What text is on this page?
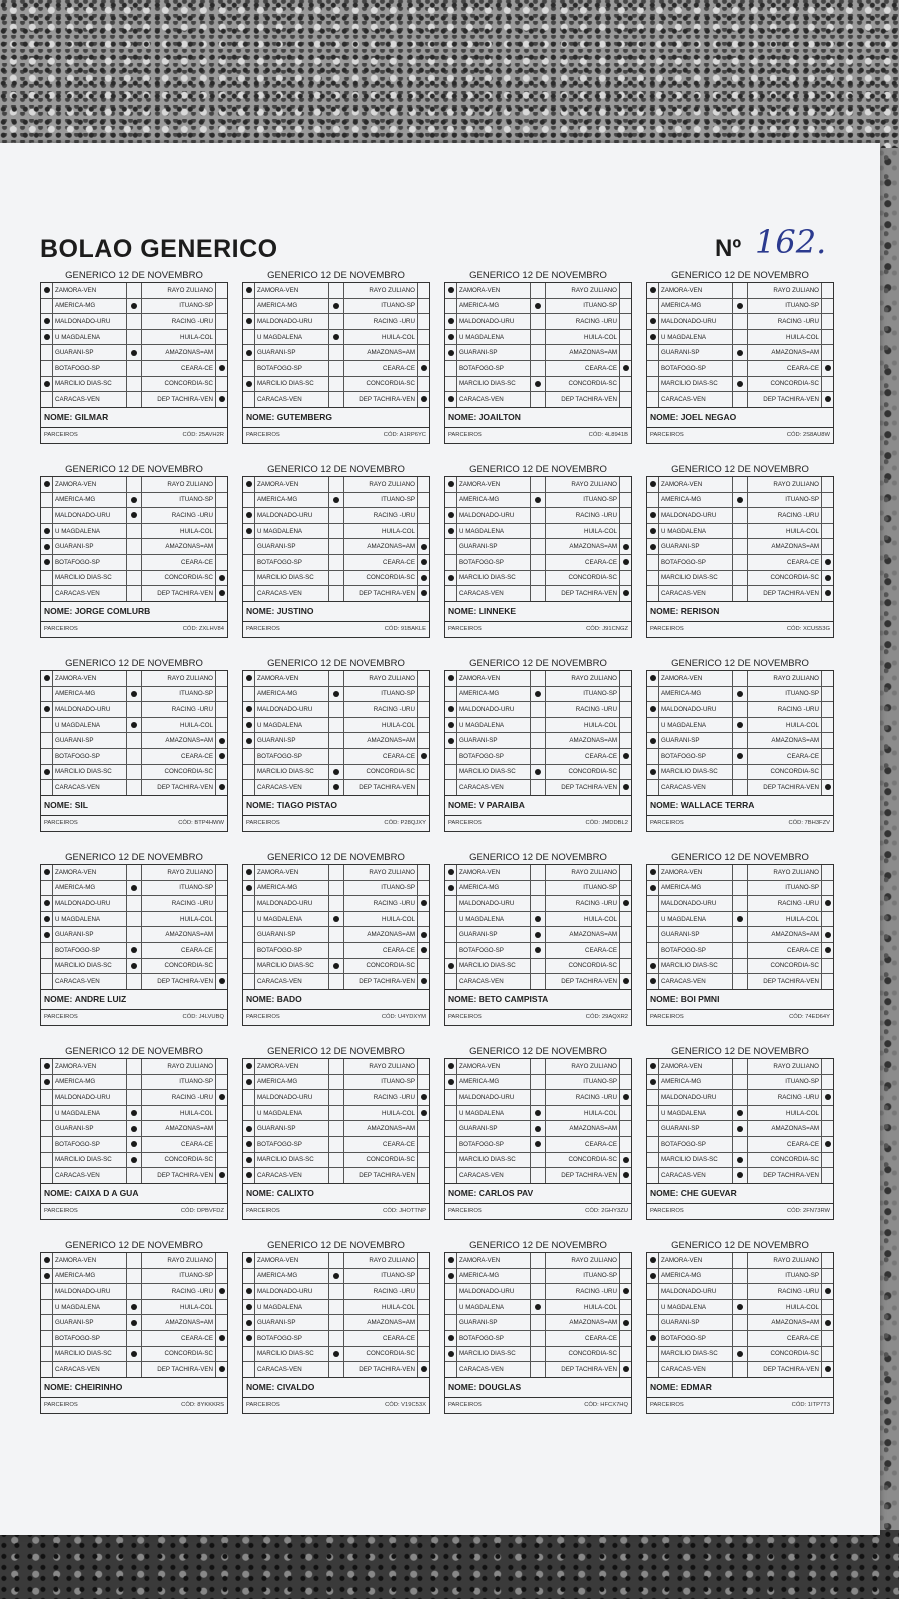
BOLAO GENERICO	Nº 162.
GENERICO 12 DE NOVEMBRO
ZAMORA-VEN	RAYO ZULIANO
AMERICA-MG	ITUANO-SP
MALDONADO-URU	RACING -URU
U MAGDALENA	HUILA-COL
GUARANI-SP	AMAZONAS=AM
BOTAFOGO-SP	CEARA-CE
MARCILIO DIAS-SC	CONCORDIA-SC
CARACAS-VEN	DEP TACHIRA-VEN
NOME: GILMAR
PARCEIROS	CÓD: 25AVH2R
GENERICO 12 DE NOVEMBRO
ZAMORA-VEN	RAYO ZULIANO
AMERICA-MG	ITUANO-SP
MALDONADO-URU	RACING -URU
U MAGDALENA	HUILA-COL
GUARANI-SP	AMAZONAS=AM
BOTAFOGO-SP	CEARA-CE
MARCILIO DIAS-SC	CONCORDIA-SC
CARACAS-VEN	DEP TACHIRA-VEN
NOME: GUTEMBERG
PARCEIROS	CÓD: A1RP6YC
GENERICO 12 DE NOVEMBRO
ZAMORA-VEN	RAYO ZULIANO
AMERICA-MG	ITUANO-SP
MALDONADO-URU	RACING -URU
U MAGDALENA	HUILA-COL
GUARANI-SP	AMAZONAS=AM
BOTAFOGO-SP	CEARA-CE
MARCILIO DIAS-SC	CONCORDIA-SC
CARACAS-VEN	DEP TACHIRA-VEN
NOME: JOAILTON
PARCEIROS	CÓD: 4L8941B
GENERICO 12 DE NOVEMBRO
ZAMORA-VEN	RAYO ZULIANO
AMERICA-MG	ITUANO-SP
MALDONADO-URU	RACING -URU
U MAGDALENA	HUILA-COL
GUARANI-SP	AMAZONAS=AM
BOTAFOGO-SP	CEARA-CE
MARCILIO DIAS-SC	CONCORDIA-SC
CARACAS-VEN	DEP TACHIRA-VEN
NOME: JOEL NEGAO
PARCEIROS	CÓD: 2S8AU8W
GENERICO 12 DE NOVEMBRO
ZAMORA-VEN	RAYO ZULIANO
AMERICA-MG	ITUANO-SP
MALDONADO-URU	RACING -URU
U MAGDALENA	HUILA-COL
GUARANI-SP	AMAZONAS=AM
BOTAFOGO-SP	CEARA-CE
MARCILIO DIAS-SC	CONCORDIA-SC
CARACAS-VEN	DEP TACHIRA-VEN
NOME: JORGE COMLURB
PARCEIROS	CÓD: ZXLHV84
GENERICO 12 DE NOVEMBRO
ZAMORA-VEN	RAYO ZULIANO
AMERICA-MG	ITUANO-SP
MALDONADO-URU	RACING -URU
U MAGDALENA	HUILA-COL
GUARANI-SP	AMAZONAS=AM
BOTAFOGO-SP	CEARA-CE
MARCILIO DIAS-SC	CONCORDIA-SC
CARACAS-VEN	DEP TACHIRA-VEN
NOME: JUSTINO
PARCEIROS	CÓD: 91BAKLE
GENERICO 12 DE NOVEMBRO
ZAMORA-VEN	RAYO ZULIANO
AMERICA-MG	ITUANO-SP
MALDONADO-URU	RACING -URU
U MAGDALENA	HUILA-COL
GUARANI-SP	AMAZONAS=AM
BOTAFOGO-SP	CEARA-CE
MARCILIO DIAS-SC	CONCORDIA-SC
CARACAS-VEN	DEP TACHIRA-VEN
NOME: LINNEKE
PARCEIROS	CÓD: J91CNGZ
GENERICO 12 DE NOVEMBRO
ZAMORA-VEN	RAYO ZULIANO
AMERICA-MG	ITUANO-SP
MALDONADO-URU	RACING -URU
U MAGDALENA	HUILA-COL
GUARANI-SP	AMAZONAS=AM
BOTAFOGO-SP	CEARA-CE
MARCILIO DIAS-SC	CONCORDIA-SC
CARACAS-VEN	DEP TACHIRA-VEN
NOME: RERISON
PARCEIROS	CÓD: XCUS53G
GENERICO 12 DE NOVEMBRO
ZAMORA-VEN	RAYO ZULIANO
AMERICA-MG	ITUANO-SP
MALDONADO-URU	RACING -URU
U MAGDALENA	HUILA-COL
GUARANI-SP	AMAZONAS=AM
BOTAFOGO-SP	CEARA-CE
MARCILIO DIAS-SC	CONCORDIA-SC
CARACAS-VEN	DEP TACHIRA-VEN
NOME: SIL
PARCEIROS	CÓD: BTP4HWW
GENERICO 12 DE NOVEMBRO
ZAMORA-VEN	RAYO ZULIANO
AMERICA-MG	ITUANO-SP
MALDONADO-URU	RACING -URU
U MAGDALENA	HUILA-COL
GUARANI-SP	AMAZONAS=AM
BOTAFOGO-SP	CEARA-CE
MARCILIO DIAS-SC	CONCORDIA-SC
CARACAS-VEN	DEP TACHIRA-VEN
NOME: TIAGO PISTAO
PARCEIROS	CÓD: P28QJXY
GENERICO 12 DE NOVEMBRO
ZAMORA-VEN	RAYO ZULIANO
AMERICA-MG	ITUANO-SP
MALDONADO-URU	RACING -URU
U MAGDALENA	HUILA-COL
GUARANI-SP	AMAZONAS=AM
BOTAFOGO-SP	CEARA-CE
MARCILIO DIAS-SC	CONCORDIA-SC
CARACAS-VEN	DEP TACHIRA-VEN
NOME: V PARAIBA
PARCEIROS	CÓD: JMDDBL2
GENERICO 12 DE NOVEMBRO
ZAMORA-VEN	RAYO ZULIANO
AMERICA-MG	ITUANO-SP
MALDONADO-URU	RACING -URU
U MAGDALENA	HUILA-COL
GUARANI-SP	AMAZONAS=AM
BOTAFOGO-SP	CEARA-CE
MARCILIO DIAS-SC	CONCORDIA-SC
CARACAS-VEN	DEP TACHIRA-VEN
NOME: WALLACE TERRA
PARCEIROS	CÓD: 7BH3FZV
GENERICO 12 DE NOVEMBRO
ZAMORA-VEN	RAYO ZULIANO
AMERICA-MG	ITUANO-SP
MALDONADO-URU	RACING -URU
U MAGDALENA	HUILA-COL
GUARANI-SP	AMAZONAS=AM
BOTAFOGO-SP	CEARA-CE
MARCILIO DIAS-SC	CONCORDIA-SC
CARACAS-VEN	DEP TACHIRA-VEN
NOME: ANDRE LUIZ
PARCEIROS	CÓD: J4LVUBQ
GENERICO 12 DE NOVEMBRO
ZAMORA-VEN	RAYO ZULIANO
AMERICA-MG	ITUANO-SP
MALDONADO-URU	RACING -URU
U MAGDALENA	HUILA-COL
GUARANI-SP	AMAZONAS=AM
BOTAFOGO-SP	CEARA-CE
MARCILIO DIAS-SC	CONCORDIA-SC
CARACAS-VEN	DEP TACHIRA-VEN
NOME: BADO
PARCEIROS	CÓD: U4YDXYM
GENERICO 12 DE NOVEMBRO
ZAMORA-VEN	RAYO ZULIANO
AMERICA-MG	ITUANO-SP
MALDONADO-URU	RACING -URU
U MAGDALENA	HUILA-COL
GUARANI-SP	AMAZONAS=AM
BOTAFOGO-SP	CEARA-CE
MARCILIO DIAS-SC	CONCORDIA-SC
CARACAS-VEN	DEP TACHIRA-VEN
NOME: BETO CAMPISTA
PARCEIROS	CÓD: 29AQXR2
GENERICO 12 DE NOVEMBRO
ZAMORA-VEN	RAYO ZULIANO
AMERICA-MG	ITUANO-SP
MALDONADO-URU	RACING -URU
U MAGDALENA	HUILA-COL
GUARANI-SP	AMAZONAS=AM
BOTAFOGO-SP	CEARA-CE
MARCILIO DIAS-SC	CONCORDIA-SC
CARACAS-VEN	DEP TACHIRA-VEN
NOME: BOI PMNI
PARCEIROS	CÓD: 74ED64Y
GENERICO 12 DE NOVEMBRO
ZAMORA-VEN	RAYO ZULIANO
AMERICA-MG	ITUANO-SP
MALDONADO-URU	RACING -URU
U MAGDALENA	HUILA-COL
GUARANI-SP	AMAZONAS=AM
BOTAFOGO-SP	CEARA-CE
MARCILIO DIAS-SC	CONCORDIA-SC
CARACAS-VEN	DEP TACHIRA-VEN
NOME: CAIXA D A GUA
PARCEIROS	CÓD: DPBVFDZ
GENERICO 12 DE NOVEMBRO
ZAMORA-VEN	RAYO ZULIANO
AMERICA-MG	ITUANO-SP
MALDONADO-URU	RACING -URU
U MAGDALENA	HUILA-COL
GUARANI-SP	AMAZONAS=AM
BOTAFOGO-SP	CEARA-CE
MARCILIO DIAS-SC	CONCORDIA-SC
CARACAS-VEN	DEP TACHIRA-VEN
NOME: CALIXTO
PARCEIROS	CÓD: JHOTTNP
GENERICO 12 DE NOVEMBRO
ZAMORA-VEN	RAYO ZULIANO
AMERICA-MG	ITUANO-SP
MALDONADO-URU	RACING -URU
U MAGDALENA	HUILA-COL
GUARANI-SP	AMAZONAS=AM
BOTAFOGO-SP	CEARA-CE
MARCILIO DIAS-SC	CONCORDIA-SC
CARACAS-VEN	DEP TACHIRA-VEN
NOME: CARLOS PAV
PARCEIROS	CÓD: 2GHY3ZU
GENERICO 12 DE NOVEMBRO
ZAMORA-VEN	RAYO ZULIANO
AMERICA-MG	ITUANO-SP
MALDONADO-URU	RACING -URU
U MAGDALENA	HUILA-COL
GUARANI-SP	AMAZONAS=AM
BOTAFOGO-SP	CEARA-CE
MARCILIO DIAS-SC	CONCORDIA-SC
CARACAS-VEN	DEP TACHIRA-VEN
NOME: CHE GUEVAR
PARCEIROS	CÓD: 2FN73RW
GENERICO 12 DE NOVEMBRO
ZAMORA-VEN	RAYO ZULIANO
AMERICA-MG	ITUANO-SP
MALDONADO-URU	RACING -URU
U MAGDALENA	HUILA-COL
GUARANI-SP	AMAZONAS=AM
BOTAFOGO-SP	CEARA-CE
MARCILIO DIAS-SC	CONCORDIA-SC
CARACAS-VEN	DEP TACHIRA-VEN
NOME: CHEIRINHO
PARCEIROS	CÓD: 8YKKKRS
GENERICO 12 DE NOVEMBRO
ZAMORA-VEN	RAYO ZULIANO
AMERICA-MG	ITUANO-SP
MALDONADO-URU	RACING -URU
U MAGDALENA	HUILA-COL
GUARANI-SP	AMAZONAS=AM
BOTAFOGO-SP	CEARA-CE
MARCILIO DIAS-SC	CONCORDIA-SC
CARACAS-VEN	DEP TACHIRA-VEN
NOME: CIVALDO
PARCEIROS	CÓD: V19C53X
GENERICO 12 DE NOVEMBRO
ZAMORA-VEN	RAYO ZULIANO
AMERICA-MG	ITUANO-SP
MALDONADO-URU	RACING -URU
U MAGDALENA	HUILA-COL
GUARANI-SP	AMAZONAS=AM
BOTAFOGO-SP	CEARA-CE
MARCILIO DIAS-SC	CONCORDIA-SC
CARACAS-VEN	DEP TACHIRA-VEN
NOME: DOUGLAS
PARCEIROS	CÓD: HFCX7HQ
GENERICO 12 DE NOVEMBRO
ZAMORA-VEN	RAYO ZULIANO
AMERICA-MG	ITUANO-SP
MALDONADO-URU	RACING -URU
U MAGDALENA	HUILA-COL
GUARANI-SP	AMAZONAS=AM
BOTAFOGO-SP	CEARA-CE
MARCILIO DIAS-SC	CONCORDIA-SC
CARACAS-VEN	DEP TACHIRA-VEN
NOME: EDMAR
PARCEIROS	CÓD: 1ITP7T3
